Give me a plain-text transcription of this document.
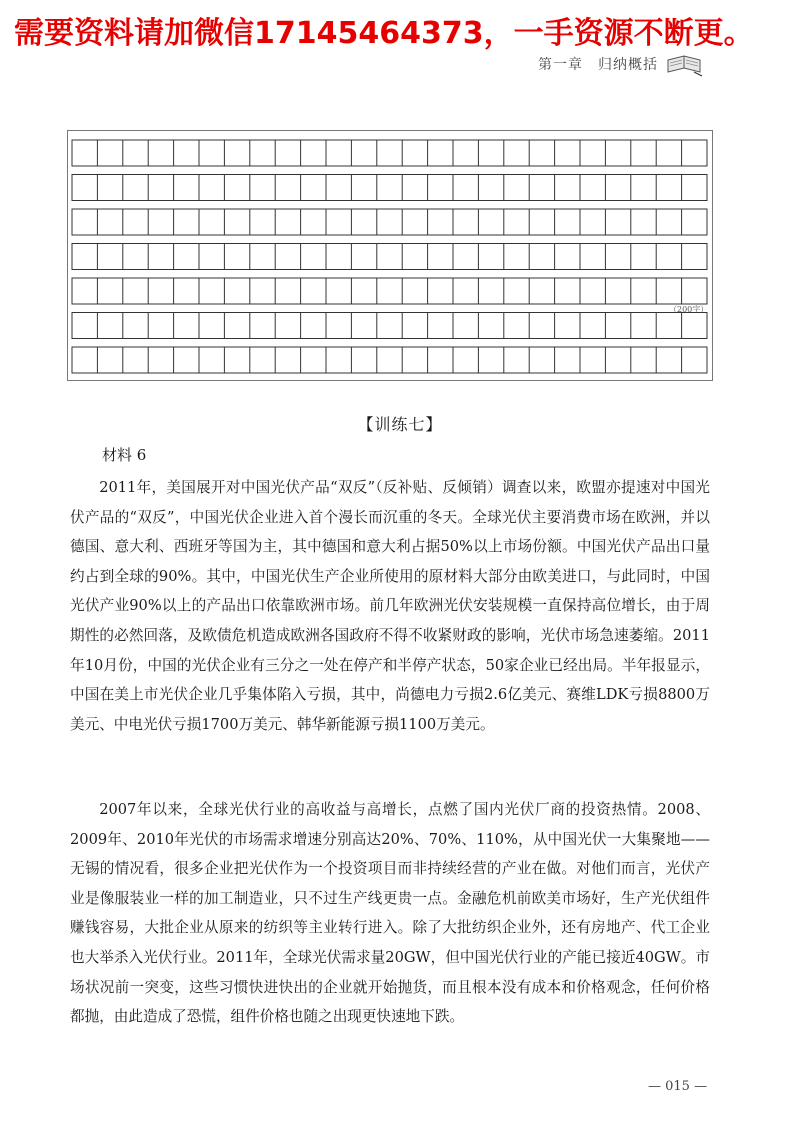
需要资料请加微信17145464373，一手资源不断更。
第一章　归纳概括
（200字）
【训练七】
材料 6

2011年，美国展开对中国光伏产品“双反”（反补贴、反倾销）调查以来，欧盟亦提速对中国光伏产品的“双反”，中国光伏企业进入首个漫长而沉重的冬天。全球光伏主要消费市场在欧洲，并以德国、意大利、西班牙等国为主，其中德国和意大利占据50%以上市场份额。中国光伏产品出口量约占到全球的90%。其中，中国光伏生产企业所使用的原材料大部分由欧美进口，与此同时，中国光伏产业90%以上的产品出口依靠欧洲市场。前几年欧洲光伏安装规模一直保持高位增长，由于周期性的必然回落，及欧债危机造成欧洲各国政府不得不收紧财政的影响，光伏市场急速萎缩。2011年10月份，中国的光伏企业有三分之一处在停产和半停产状态，50家企业已经出局。半年报显示，中国在美上市光伏企业几乎集体陷入亏损，其中，尚德电力亏损2.6亿美元、赛维LDK亏损8800万美元、中电光伏亏损1700万美元、韩华新能源亏损1100万美元。

2007年以来，全球光伏行业的高收益与高增长，点燃了国内光伏厂商的投资热情。2008、2009年、2010年光伏的市场需求增速分别高达20%、70%、110%，从中国光伏一大集聚地——无锡的情况看，很多企业把光伏作为一个投资项目而非持续经营的产业在做。对他们而言，光伏产业是像服装业一样的加工制造业，只不过生产线更贵一点。金融危机前欧美市场好，生产光伏组件赚钱容易，大批企业从原来的纺织等主业转行进入。除了大批纺织企业外，还有房地产、代工企业也大举杀入光伏行业。2011年，全球光伏需求量20GW，但中国光伏行业的产能已接近40GW。市场状况前一突变，这些习惯快进快出的企业就开始抛货，而且根本没有成本和价格观念，任何价格都抛，由此造成了恐慌，组件价格也随之出现更快速地下跌。

— 015 —
